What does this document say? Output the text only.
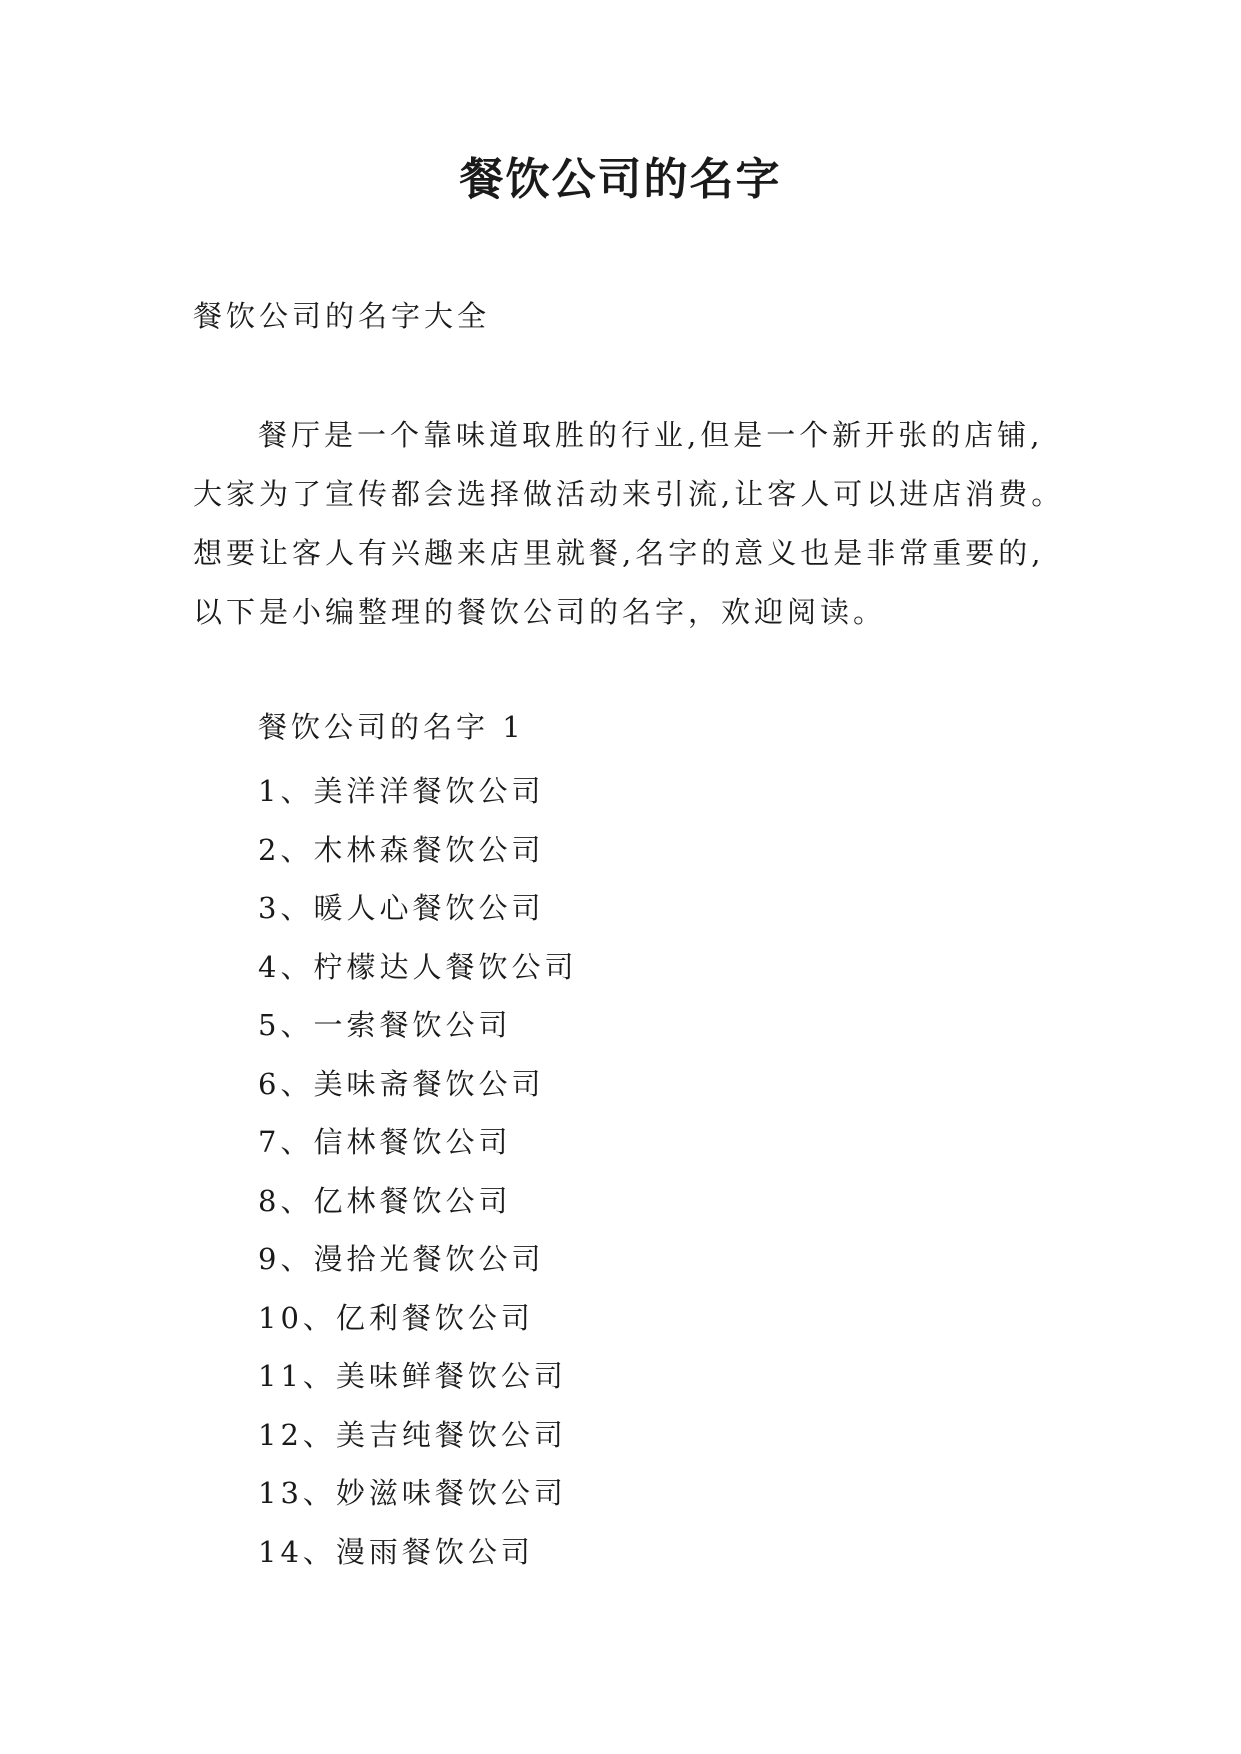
餐饮公司的名字

餐饮公司的名字大全

餐厅是一个靠味道取胜的行业,但是一个新开张的店铺,
大家为了宣传都会选择做活动来引流,让客人可以进店消费。
想要让客人有兴趣来店里就餐,名字的意义也是非常重要的,
以下是小编整理的餐饮公司的名字，欢迎阅读。

餐饮公司的名字 1

1、美洋洋餐饮公司
2、木林森餐饮公司
3、暖人心餐饮公司
4、柠檬达人餐饮公司
5、一索餐饮公司
6、美味斋餐饮公司
7、信林餐饮公司
8、亿林餐饮公司
9、漫拾光餐饮公司
10、亿利餐饮公司
11、美味鲜餐饮公司
12、美吉纯餐饮公司
13、妙滋味餐饮公司
14、漫雨餐饮公司
